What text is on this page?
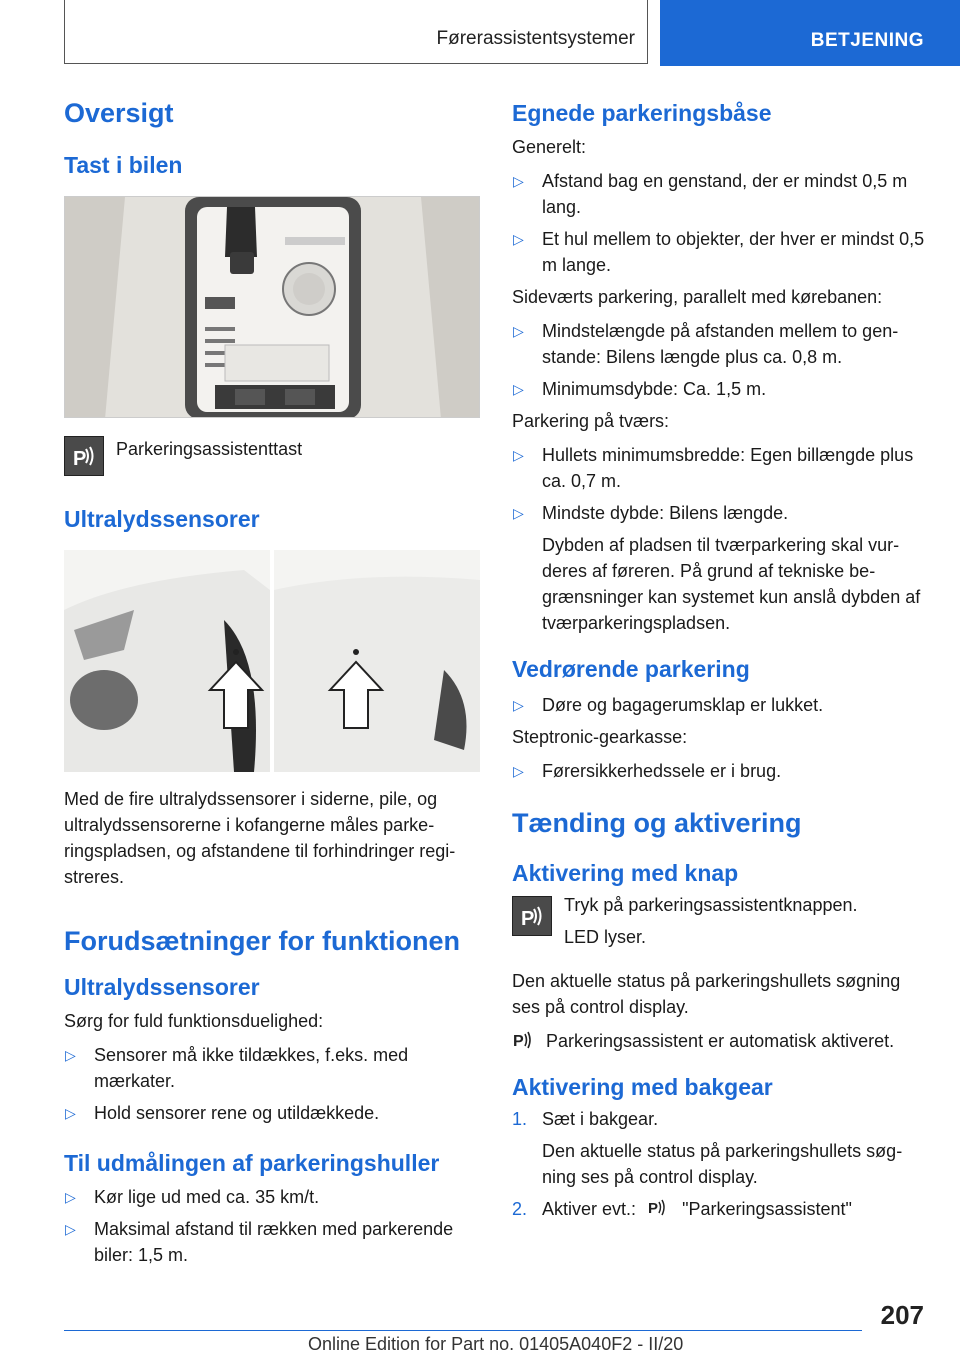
Førerassistentsystemer	BETJENING
Oversigt
Tast i bilen
P Parkeringsassistenttast
Ultralydssensorer
Med de fire ultralydssensorer i siderne, pile, og ultralydssensorerne i kofangerne måles parkeringspladsen, og afstandene til forhindringer registreres.
Forudsætninger for funktionen
Ultralydssensorer
Sørg for fuld funktionsduelighed:
▷ Sensorer må ikke tildækkes, f.eks. med mærkater.
▷ Hold sensorer rene og utildækkede.
Til udmålingen af parkeringshuller
▷ Kør lige ud med ca. 35 km/t.
▷ Maksimal afstand til rækken med parkerende biler: 1,5 m.
Egnede parkeringsbåse
Generelt:
▷ Afstand bag en genstand, der er mindst 0,5 m lang.
▷ Et hul mellem to objekter, der hver er mindst 0,5 m lange.
Sideværts parkering, parallelt med kørebanen:
▷ Mindstelængde på afstanden mellem to genstande: Bilens længde plus ca. 0,8 m.
▷ Minimumsdybde: Ca. 1,5 m.
Parkering på tværs:
▷ Hullets minimumsbredde: Egen billængde plus ca. 0,7 m.
▷ Mindste dybde: Bilens længde.
Dybden af pladsen til tværparkering skal vurderes af føreren. På grund af tekniske begrænsninger kan systemet kun anslå dybden af tværparkeringspladsen.
Vedrørende parkering
▷ Døre og bagagerumsklap er lukket.
Steptronic-gearkasse:
▷ Førersikkerhedssele er i brug.
Tænding og aktivering
Aktivering med knap
P
Tryk på parkeringsassistentknappen.
LED lyser.
Den aktuelle status på parkeringshullets søgning ses på control display.
P Parkeringsassistent er automatisk aktiveret.
Aktivering med bakgear
1. Sæt i bakgear.
Den aktuelle status på parkeringshullets søgning ses på control display.
2. Aktiver evt.: P "Parkeringsassistent"
207
Online Edition for Part no. 01405A040F2 - II/20
